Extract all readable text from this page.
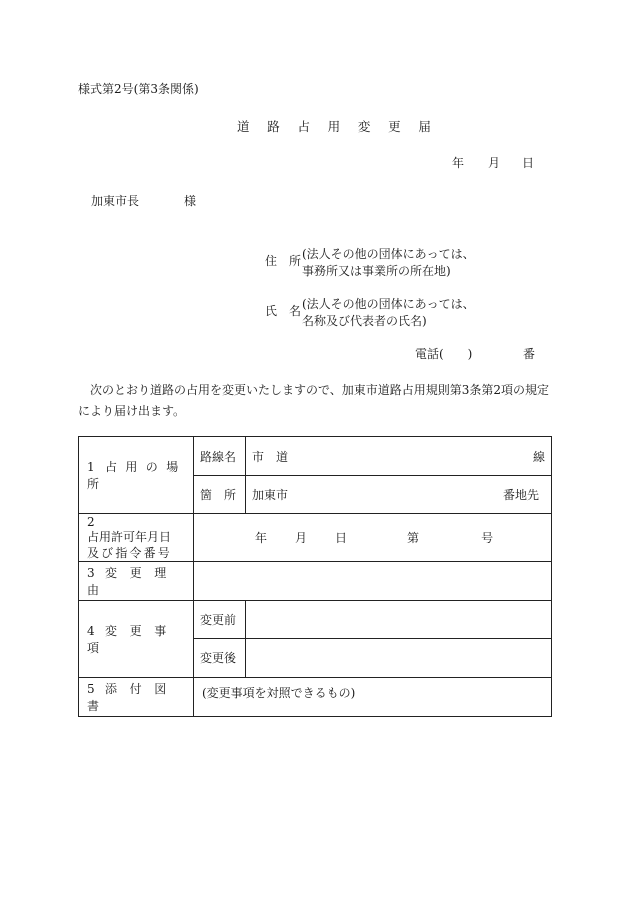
様式第2号(第3条関係)
道 路 占 用 変 更 届
年 月 日
加東市長	様
住　所 (法人その他の団体にあっては、事務所又は事業所の所在地)
氏　名 (法人その他の団体にあっては、名称及び代表者の氏名)
電話(　　)	番
次のとおり道路の占用を変更いたしますので、加東市道路占用規則第3条第2項の規定により届け出ます。
1 占用の場所	路線名	市　道 線

	箇　所	加東市 番地先

2
占用許可年月日
及び指令番号	年 月 日 第 号	

3 変更理由		
4 変更事項	変更前	
	変更後	
5 添付図書	(変更事項を対照できるもの)	
